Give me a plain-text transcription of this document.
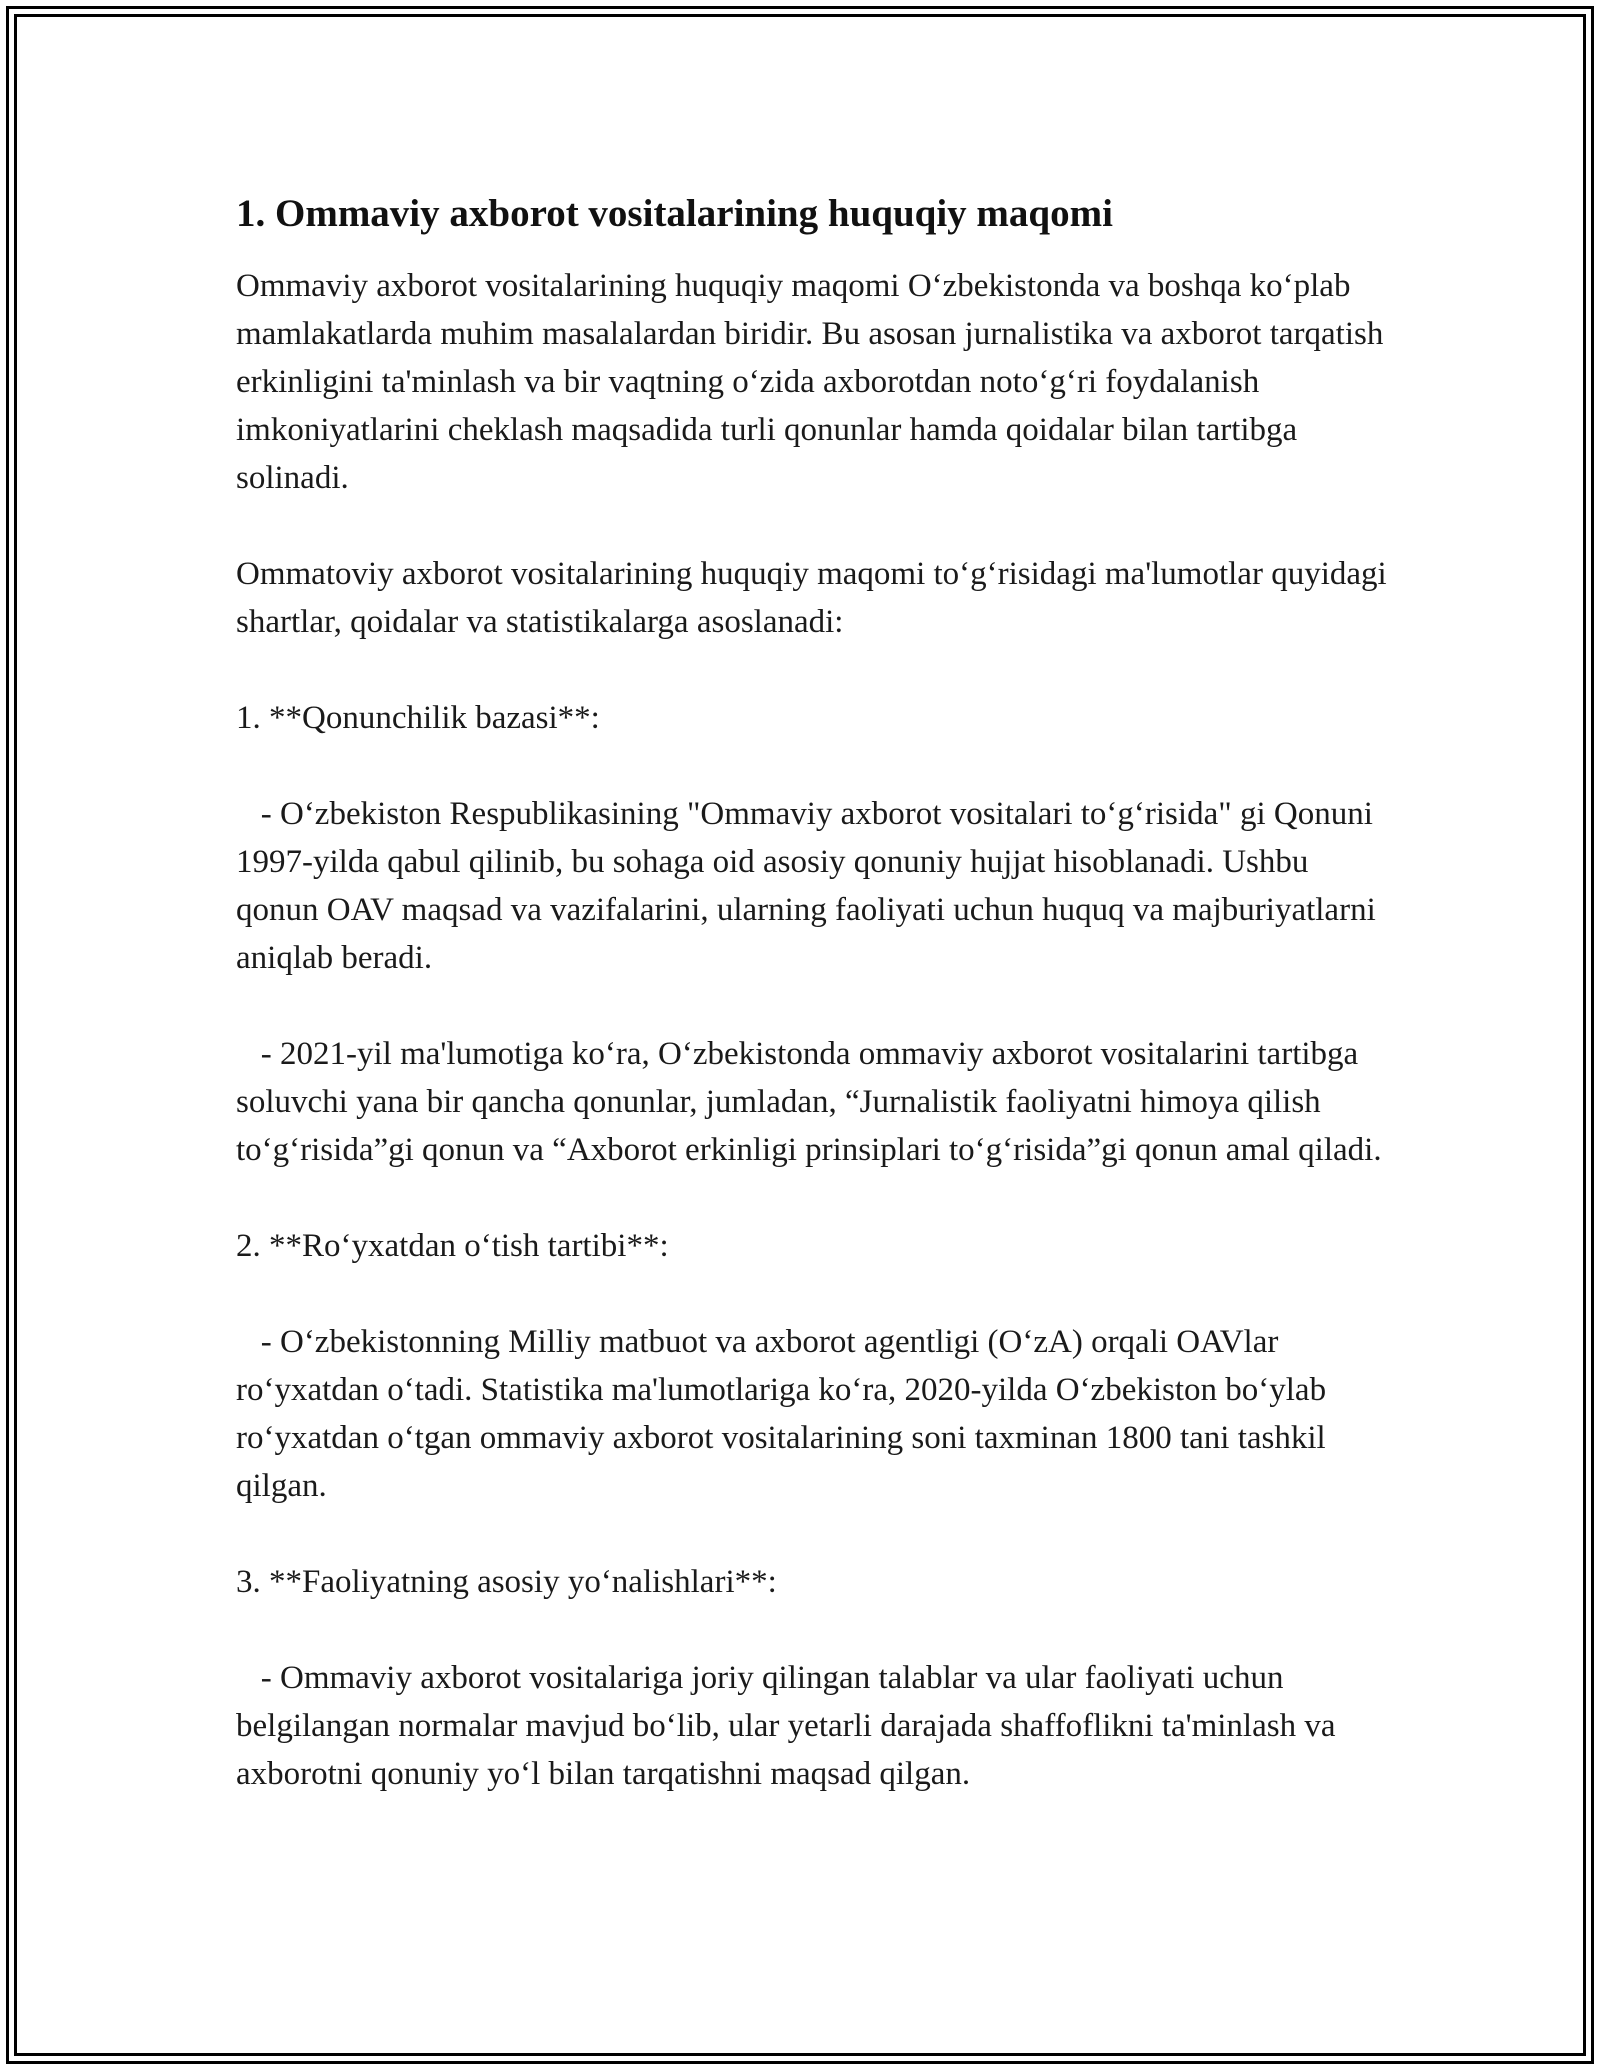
1. Ommaviy axborot vositalarining huquqiy maqomi

Ommaviy axborot vositalarining huquqiy maqomi O‘zbekistonda va boshqa ko‘plab mamlakatlarda muhim masalalardan biridir. Bu asosan jurnalistika va axborot tarqatish erkinligini ta'minlash va bir vaqtning o‘zida axborotdan noto‘g‘ri foydalanish imkoniyatlarini cheklash maqsadida turli qonunlar hamda qoidalar bilan tartibga solinadi.

Ommatoviy axborot vositalarining huquqiy maqomi to‘g‘risidagi ma'lumotlar quyidagi shartlar, qoidalar va statistikalarga asoslanadi:

1. **Qonunchilik bazasi**:

- O‘zbekiston Respublikasining "Ommaviy axborot vositalari to‘g‘risida" gi Qonuni 1997-yilda qabul qilinib, bu sohaga oid asosiy qonuniy hujjat hisoblanadi. Ushbu qonun OAV maqsad va vazifalarini, ularning faoliyati uchun huquq va majburiyatlarni aniqlab beradi.

- 2021-yil ma'lumotiga ko‘ra, O‘zbekistonda ommaviy axborot vositalarini tartibga soluvchi yana bir qancha qonunlar, jumladan, “Jurnalistik faoliyatni himoya qilish to‘g‘risida”gi qonun va “Axborot erkinligi prinsiplari to‘g‘risida”gi qonun amal qiladi.

2. **Ro‘yxatdan o‘tish tartibi**:

- O‘zbekistonning Milliy matbuot va axborot agentligi (O‘zA) orqali OAVlar ro‘yxatdan o‘tadi. Statistika ma'lumotlariga ko‘ra, 2020-yilda O‘zbekiston bo‘ylab ro‘yxatdan o‘tgan ommaviy axborot vositalarining soni taxminan 1800 tani tashkil qilgan.

3. **Faoliyatning asosiy yo‘nalishlari**:

- Ommaviy axborot vositalariga joriy qilingan talablar va ular faoliyati uchun belgilangan normalar mavjud bo‘lib, ular yetarli darajada shaffoflikni ta'minlash va axborotni qonuniy yo‘l bilan tarqatishni maqsad qilgan.
